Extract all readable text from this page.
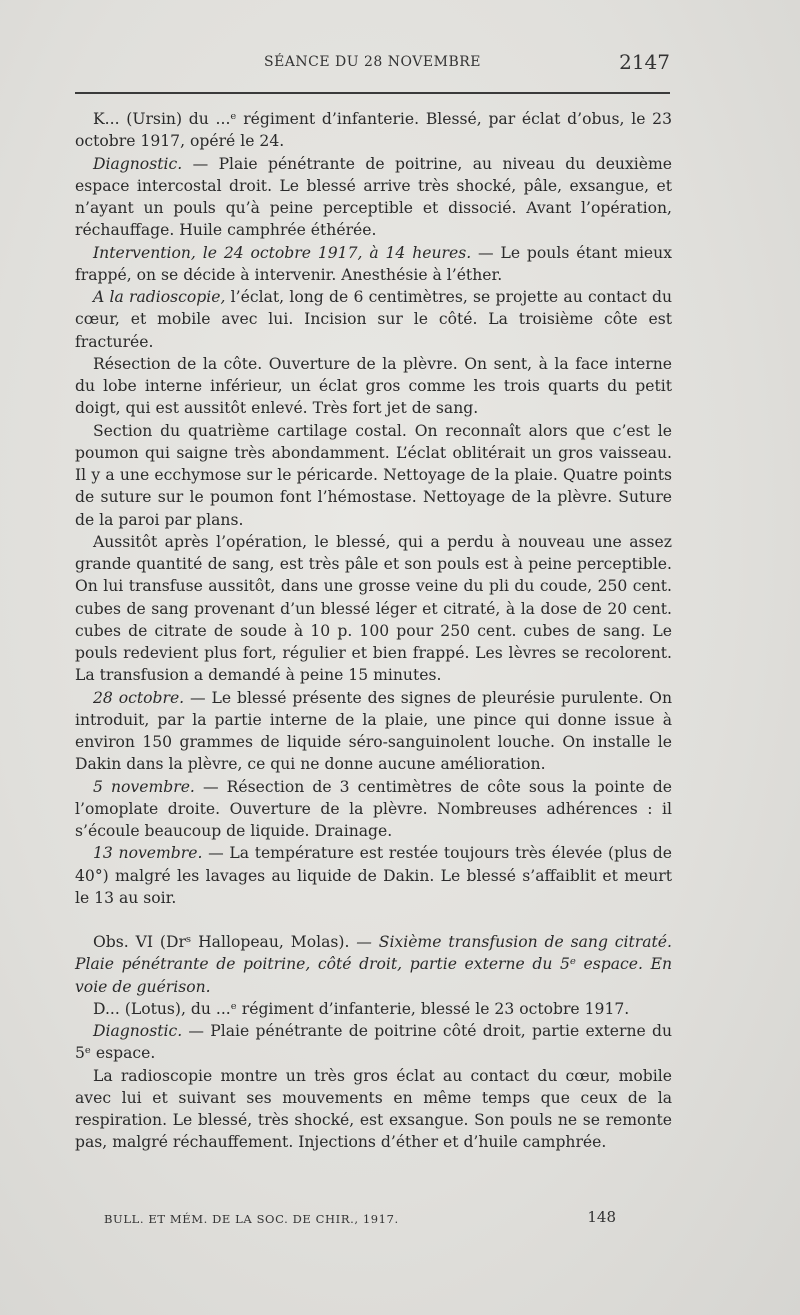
SÉANCE DU 28 NOVEMBRE	2147

K... (Ursin) du ...ᵉ régiment d’infanterie. Blessé, par éclat d’obus, le 23 octobre 1917, opéré le 24.

Diagnostic. — Plaie pénétrante de poitrine, au niveau du deuxième espace intercostal droit. Le blessé arrive très shocké, pâle, exsangue, et n’ayant un pouls qu’à peine perceptible et dissocié. Avant l’opération, réchauffage. Huile camphrée éthérée.

Intervention, le 24 octobre 1917, à 14 heures. — Le pouls étant mieux frappé, on se décide à intervenir. Anesthésie à l’éther.

A la radioscopie, l’éclat, long de 6 centimètres, se projette au contact du cœur, et mobile avec lui. Incision sur le côté. La troisième côte est fracturée.

Résection de la côte. Ouverture de la plèvre. On sent, à la face interne du lobe interne inférieur, un éclat gros comme les trois quarts du petit doigt, qui est aussitôt enlevé. Très fort jet de sang.

Section du quatrième cartilage costal. On reconnaît alors que c’est le poumon qui saigne très abondamment. L’éclat oblitérait un gros vaisseau. Il y a une ecchymose sur le péricarde. Nettoyage de la plaie. Quatre points de suture sur le poumon font l’hémostase. Nettoyage de la plèvre. Suture de la paroi par plans.

Aussitôt après l’opération, le blessé, qui a perdu à nouveau une assez grande quantité de sang, est très pâle et son pouls est à peine perceptible. On lui transfuse aussitôt, dans une grosse veine du pli du coude, 250 cent. cubes de sang provenant d’un blessé léger et citraté, à la dose de 20 cent. cubes de citrate de soude à 10 p. 100 pour 250 cent. cubes de sang. Le pouls redevient plus fort, régulier et bien frappé. Les lèvres se recolorent. La transfusion a demandé à peine 15 minutes.

28 octobre. — Le blessé présente des signes de pleurésie purulente. On introduit, par la partie interne de la plaie, une pince qui donne issue à environ 150 grammes de liquide séro-sanguinolent louche. On installe le Dakin dans la plèvre, ce qui ne donne aucune amélioration.

5 novembre. — Résection de 3 centimètres de côte sous la pointe de l’omoplate droite. Ouverture de la plèvre. Nombreuses adhérences : il s’écoule beaucoup de liquide. Drainage.

13 novembre. — La température est restée toujours très élevée (plus de 40°) malgré les lavages au liquide de Dakin. Le blessé s’affaiblit et meurt le 13 au soir.

Obs. VI (Drˢ Hallopeau, Molas). — Sixième transfusion de sang citraté. Plaie pénétrante de poitrine, côté droit, partie externe du 5ᵉ espace. En voie de guérison.

D... (Lotus), du ...ᵉ régiment d’infanterie, blessé le 23 octobre 1917.

Diagnostic. — Plaie pénétrante de poitrine côté droit, partie externe du 5ᵉ espace.

La radioscopie montre un très gros éclat au contact du cœur, mobile avec lui et suivant ses mouvements en même temps que ceux de la respiration. Le blessé, très shocké, est exsangue. Son pouls ne se remonte pas, malgré réchauffement. Injections d’éther et d’huile camphrée.

BULL. ET MÉM. DE LA SOC. DE CHIR., 1917.	148
